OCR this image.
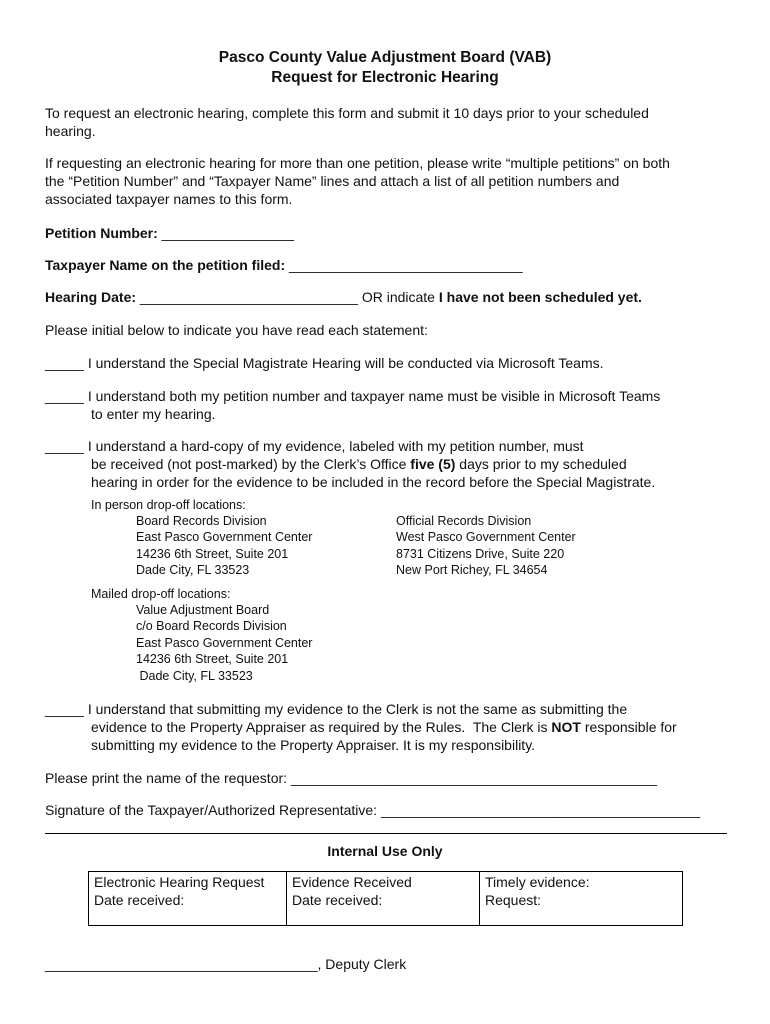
Pasco County Value Adjustment Board (VAB)
Request for Electronic Hearing
To request an electronic hearing, complete this form and submit it 10 days prior to your scheduled
hearing.
If requesting an electronic hearing for more than one petition, please write “multiple petitions” on both
the “Petition Number” and “Taxpayer Name” lines and attach a list of all petition numbers and
associated taxpayer names to this form.
Petition Number: _________________
Taxpayer Name on the petition filed: ______________________________
Hearing Date: ____________________________ OR indicate I have not been scheduled yet.
Please initial below to indicate you have read each statement:
_____ I understand the Special Magistrate Hearing will be conducted via Microsoft Teams.
_____ I understand both my petition number and taxpayer name must be visible in Microsoft Teams
to enter my hearing.
_____ I understand a hard-copy of my evidence, labeled with my petition number, must
be received (not post-marked) by the Clerk’s Office five (5) days prior to my scheduled
hearing in order for the evidence to be included in the record before the Special Magistrate.
In person drop-off locations:
Board Records Division
East Pasco Government Center
14236 6th Street, Suite 201
Dade City, FL 33523
Official Records Division
West Pasco Government Center
8731 Citizens Drive, Suite 220
New Port Richey, FL 34654
Mailed drop-off locations:
Value Adjustment Board
c/o Board Records Division
East Pasco Government Center
14236 6th Street, Suite 201
Dade City, FL 33523
_____ I understand that submitting my evidence to the Clerk is not the same as submitting the
evidence to the Property Appraiser as required by the Rules.  The Clerk is NOT responsible for
submitting my evidence to the Property Appraiser. It is my responsibility.
Please print the name of the requestor: _______________________________________________
Signature of the Taxpayer/Authorized Representative: _________________________________________
Internal Use Only
Electronic Hearing Request
Date received:

Evidence Received
Date received:

Timely evidence:
Request:
___________________________________, Deputy Clerk
